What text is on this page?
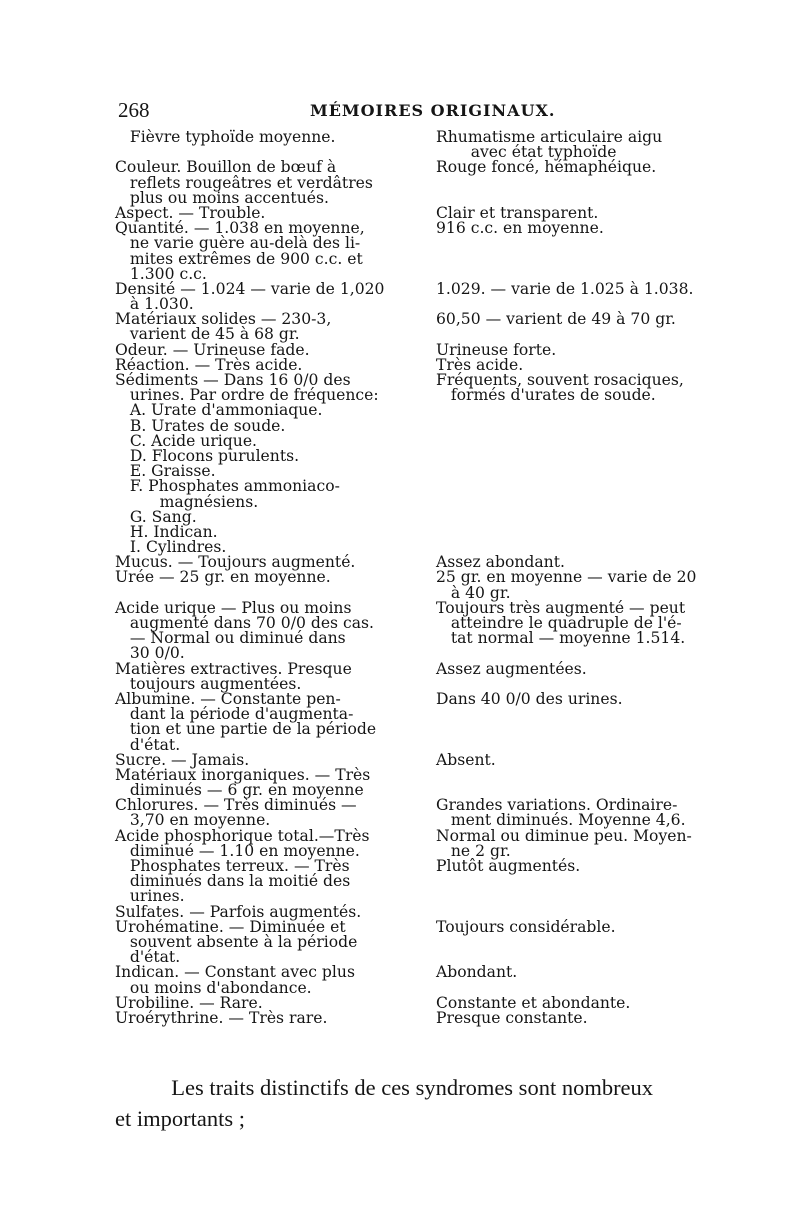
268	MÉMOIRES ORIGINAUX.
Fièvre typhoïde moyenne.
Couleur. Bouillon de bœuf à
reflets rougeâtres et verdâtres
plus ou moins accentués.
Aspect. — Trouble.
Quantité. — 1.038 en moyenne,
ne varie guère au-delà des li-
mites extrêmes de 900 c.c. et
1.300 c.c.
Densité — 1.024 — varie de 1,020
à 1.030.
Matériaux solides — 230-3,
varient de 45 à 68 gr.
Odeur. — Urineuse fade.
Réaction. — Très acide.
Sédiments — Dans 16 0/0 des
urines. Par ordre de fréquence:
A. Urate d'ammoniaque.
B. Urates de soude.
C. Acide urique.
D. Flocons purulents.
E. Graisse.
F. Phosphates ammoniaco-
magnésiens.
G. Sang.
H. Indican.
I. Cylindres.
Mucus. — Toujours augmenté.
Urée — 25 gr. en moyenne.
Acide urique — Plus ou moins
augmenté dans 70 0/0 des cas.
— Normal ou diminué dans
30 0/0.
Matières extractives. Presque
toujours augmentées.
Albumine. — Constante pen-
dant la période d'augmenta-
tion et une partie de la période
d'état.
Sucre. — Jamais.
Matériaux inorganiques. — Très
diminués — 6 gr. en moyenne
Chlorures. — Très diminués —
3,70 en moyenne.
Acide phosphorique total.—Très
diminué — 1.10 en moyenne.
Phosphates terreux. — Très
diminués dans la moitié des
urines.
Sulfates. — Parfois augmentés.
Urohématine. — Diminuée et
souvent absente à la période
d'état.
Indican. — Constant avec plus
ou moins d'abondance.
Urobiline. — Rare.
Uroérythrine. — Très rare.
Rhumatisme articulaire aigu
avec état typhoïde
Rouge foncé, hémaphéique.
Clair et transparent.
916 c.c. en moyenne.
1.029. — varie de 1.025 à 1.038.
60,50 — varient de 49 à 70 gr.
Urineuse forte.
Très acide.
Fréquents, souvent rosaciques,
formés d'urates de soude.
Assez abondant.
25 gr. en moyenne — varie de 20
à 40 gr.
Toujours très augmenté — peut
atteindre le quadruple de l'é-
tat normal — moyenne 1.514.
Assez augmentées.
Dans 40 0/0 des urines.
Absent.
Grandes variations. Ordinaire-
ment diminués. Moyenne 4,6.
Normal ou diminue peu. Moyen-
ne 2 gr.
Plutôt augmentés.
Toujours considérable.
Abondant.
Constante et abondante.
Presque constante.
Les traits distinctifs de ces syndromes sont nombreux
et importants ;
